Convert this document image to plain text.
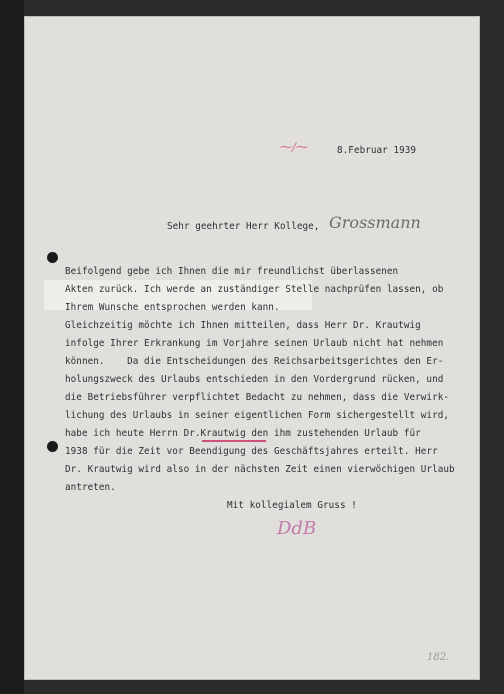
⁓/⁓	8.Februar 1939
Sehr geehrter Herr Kollege, Grossmann
Beifolgend gebe ich Ihnen die mir freundlichst überlassenen
Akten zurück. Ich werde an zuständiger Stelle nachprüfen lassen, ob
Ihrem Wunsche entsprochen werden kann.
Gleichzeitig möchte ich Ihnen mitteilen, dass Herr Dr. Krautwig
infolge Ihrer Erkrankung im Vorjahre seinen Urlaub nicht hat nehmen
können.    Da die Entscheidungen des Reichsarbeitsgerichtes den Er-
holungszweck des Urlaubs entschieden in den Vordergrund rücken, und
die Betriebsführer verpflichtet Bedacht zu nehmen, dass die Verwirk-
lichung des Urlaubs in seiner eigentlichen Form sichergestellt wird,
habe ich heute Herrn Dr.Krautwig den ihm zustehenden Urlaub für
1938 für die Zeit vor Beendigung des Geschäftsjahres erteilt. Herr
Dr. Krautwig wird also in der nächsten Zeit einen vierwöchigen Urlaub
antreten.
Mit kollegialem Gruss !
DdB
182.
